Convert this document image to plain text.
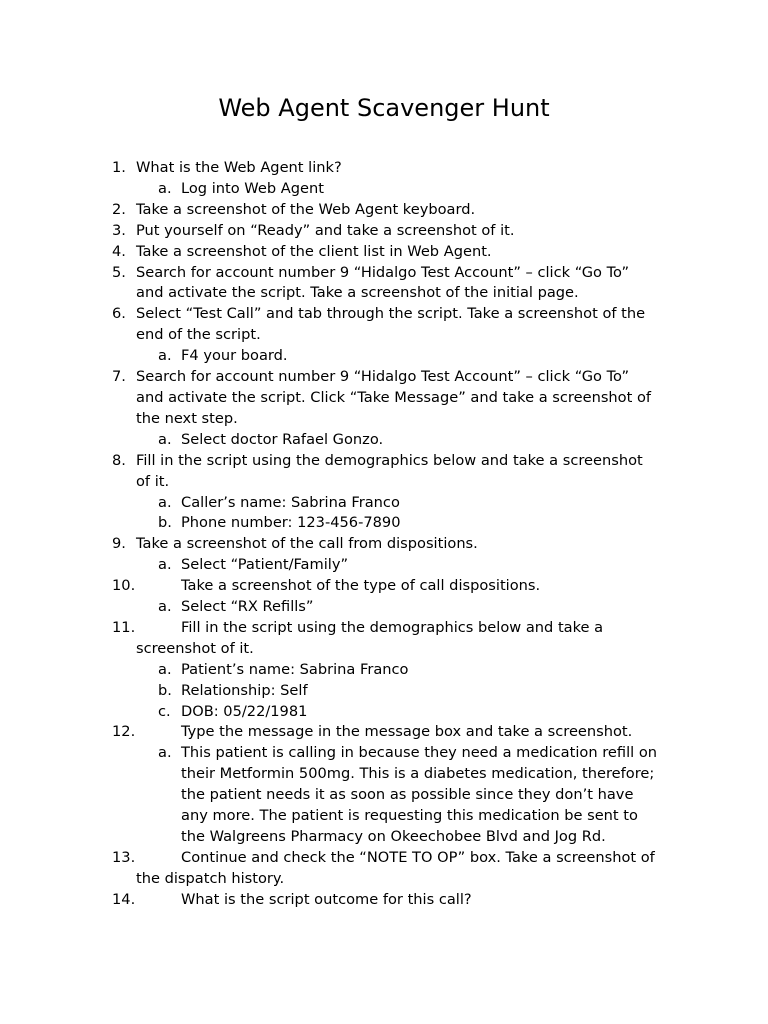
Web Agent Scavenger Hunt
1. What is the Web Agent link?
a. Log into Web Agent
2. Take a screenshot of the Web Agent keyboard.
3. Put yourself on “Ready” and take a screenshot of it.
4. Take a screenshot of the client list in Web Agent.
5. Search for account number 9 “Hidalgo Test Account” – click “Go To”
and activate the script. Take a screenshot of the initial page.
6. Select “Test Call” and tab through the script. Take a screenshot of the
end of the script.
a. F4 your board.
7. Search for account number 9 “Hidalgo Test Account” – click “Go To”
and activate the script. Click “Take Message” and take a screenshot of
the next step.
a. Select doctor Rafael Gonzo.
8. Fill in the script using the demographics below and take a screenshot
of it.
a. Caller’s name: Sabrina Franco
b. Phone number: 123-456-7890
9. Take a screenshot of the call from dispositions.
a. Select “Patient/Family”
10.	Take a screenshot of the type of call dispositions.
a. Select “RX Refills”
11.	Fill in the script using the demographics below and take a
screenshot of it.
a. Patient’s name: Sabrina Franco
b. Relationship: Self
c. DOB: 05/22/1981
12.	Type the message in the message box and take a screenshot.
a. This patient is calling in because they need a medication refill on
their Metformin 500mg. This is a diabetes medication, therefore;
the patient needs it as soon as possible since they don’t have
any more. The patient is requesting this medication be sent to
the Walgreens Pharmacy on Okeechobee Blvd and Jog Rd.
13.	Continue and check the “NOTE TO OP” box. Take a screenshot of
the dispatch history.
14.	What is the script outcome for this call?
